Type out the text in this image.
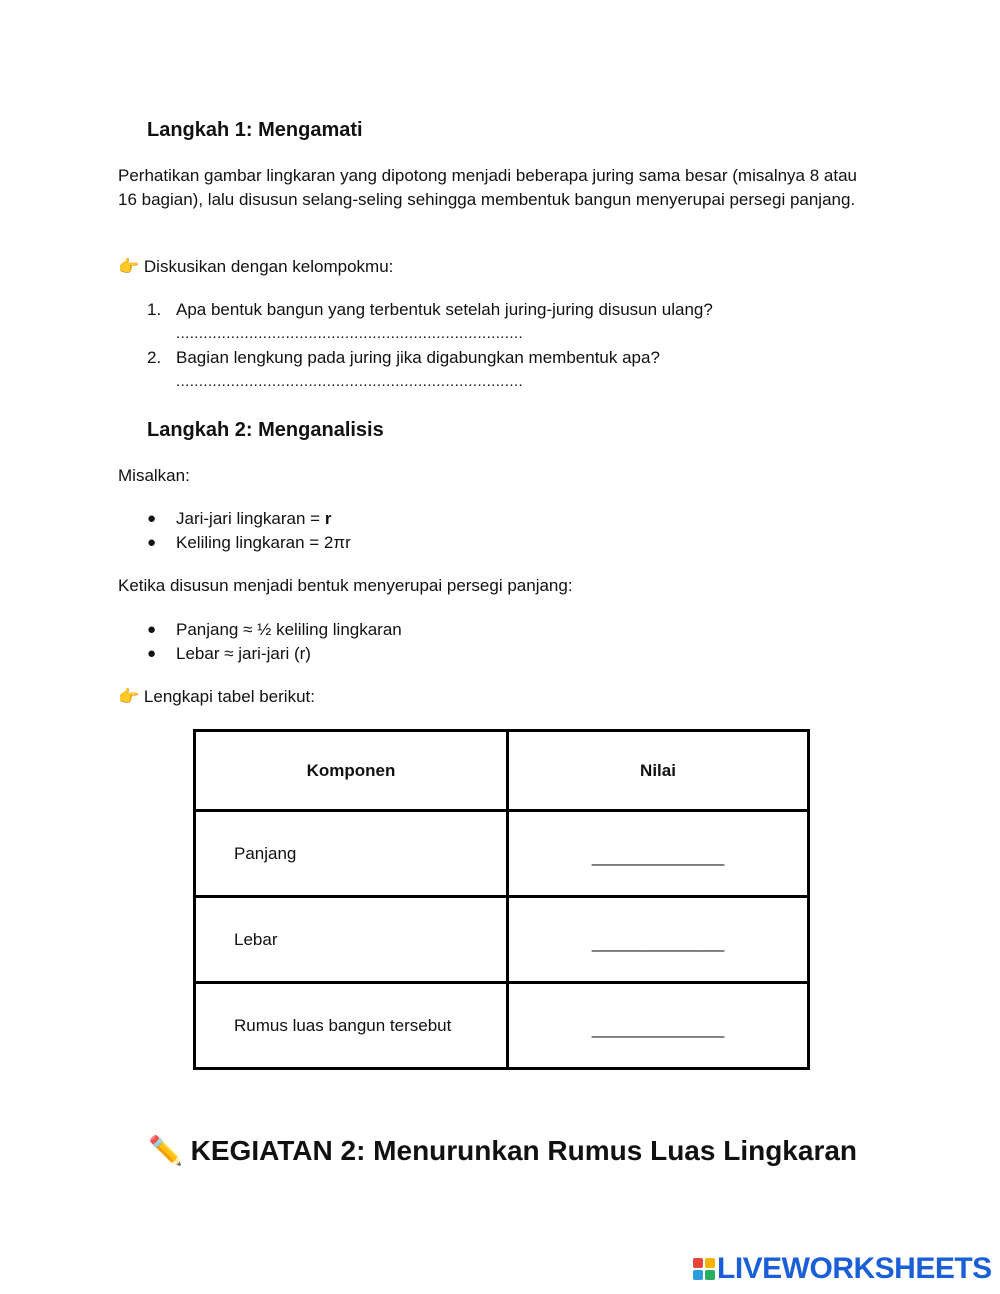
Langkah 1: Mengamati
Perhatikan gambar lingkaran yang dipotong menjadi beberapa juring sama besar (misalnya 8 atau 16 bagian), lalu disusun selang-seling sehingga membentuk bangun menyerupai persegi panjang.
👉 Diskusikan dengan kelompokmu:
1. Apa bentuk bangun yang terbentuk setelah juring-juring disusun ulang?
............................................................................
2. Bagian lengkung pada juring jika digabungkan membentuk apa?
............................................................................
Langkah 2: Menganalisis
Misalkan:
● Jari-jari lingkaran = r
● Keliling lingkaran = 2πr
Ketika disusun menjadi bentuk menyerupai persegi panjang:
● Panjang ≈ ½ keliling lingkaran
● Lebar ≈ jari-jari (r)
👉 Lengkapi tabel berikut:
Komponen	Nilai
Panjang	______________
Lebar	______________
Rumus luas bangun tersebut	______________
✏️ KEGIATAN 2: Menurunkan Rumus Luas Lingkaran
LIVEWORKSHEETS
